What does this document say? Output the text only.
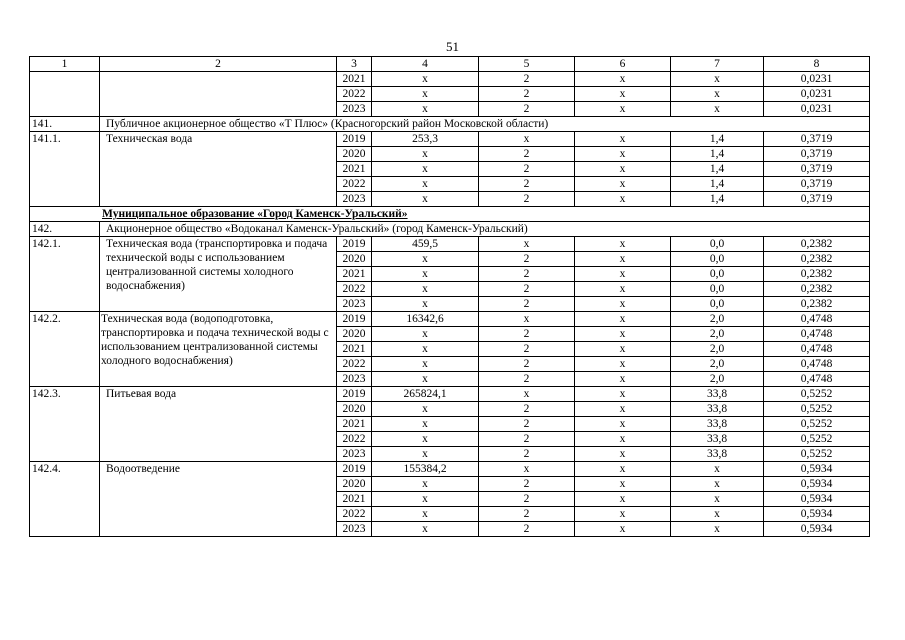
51
1	2	3	4	5	6	7	8
		2021	х	2	х	х	0,0231
		2022	х	2	х	х	0,0231
		2023	х	2	х	х	0,0231
141.	Публичное акционерное общество «Т Плюс» (Красногорский район Московской области)						
141.1.	Техническая вода	2019	253,3	х	х	1,4	0,3719
		2020	х	2	х	1,4	0,3719
		2021	х	2	х	1,4	0,3719
		2022	х	2	х	1,4	0,3719
		2023	х	2	х	1,4	0,3719
Муниципальное образование «Город Каменск-Уральский»							
142.	Акционерное общество «Водоканал Каменск-Уральский» (город Каменск-Уральский)						
142.1.	Техническая вода (транспортировка и подача технической воды с использованием централизованной системы холодного водоснабжения)	2019	459,5	х	х	0,0	0,2382
		2020	х	2	х	0,0	0,2382
		2021	х	2	х	0,0	0,2382
		2022	х	2	х	0,0	0,2382
		2023	х	2	х	0,0	0,2382
142.2.	Техническая вода (водоподготовка, транспортировка и подача технической воды с использованием централизованной системы холодного водоснабжения)	2019	16342,6	х	х	2,0	0,4748
		2020	х	2	х	2,0	0,4748
		2021	х	2	х	2,0	0,4748
		2022	х	2	х	2,0	0,4748
		2023	х	2	х	2,0	0,4748
142.3.	Питьевая вода	2019	265824,1	х	х	33,8	0,5252
		2020	х	2	х	33,8	0,5252
		2021	х	2	х	33,8	0,5252
		2022	х	2	х	33,8	0,5252
		2023	х	2	х	33,8	0,5252
142.4.	Водоотведение	2019	155384,2	х	х	х	0,5934
		2020	х	2	х	х	0,5934
		2021	х	2	х	х	0,5934
		2022	х	2	х	х	0,5934
		2023	х	2	х	х	0,5934
